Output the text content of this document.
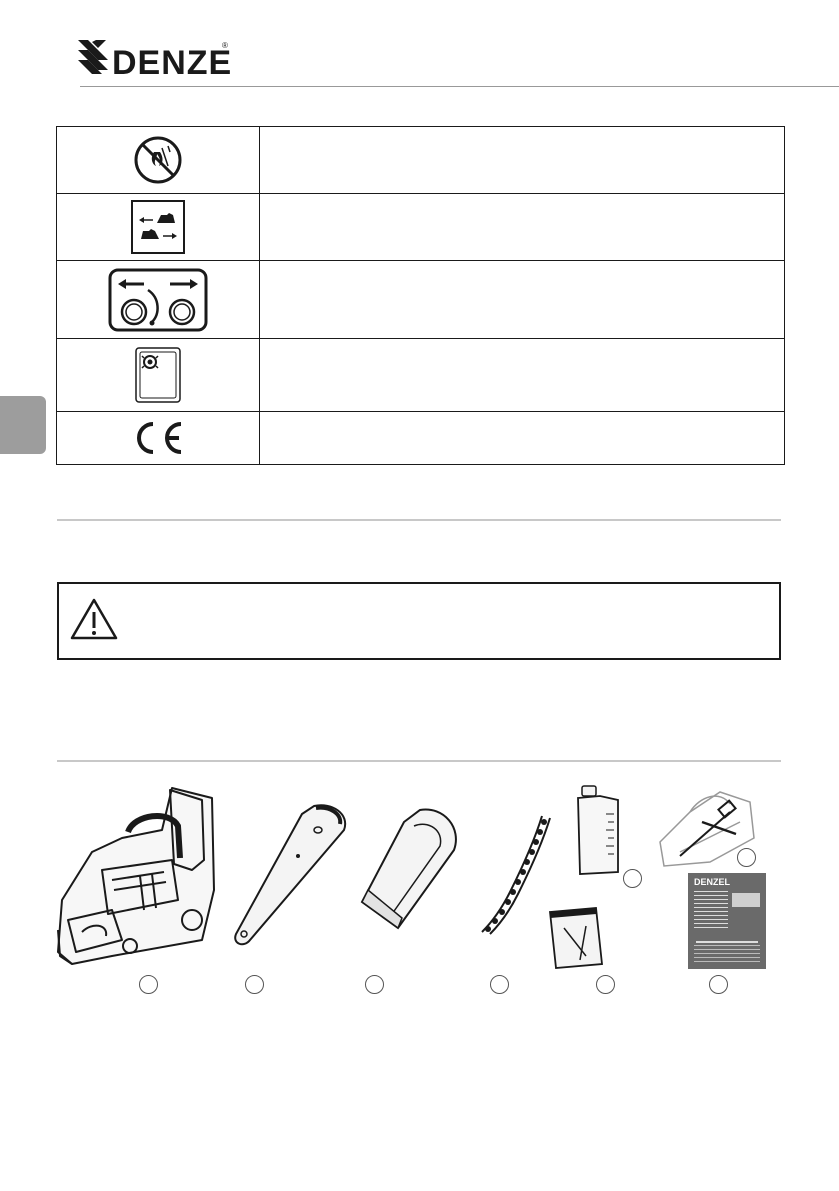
DENZE
®

DENZEL
